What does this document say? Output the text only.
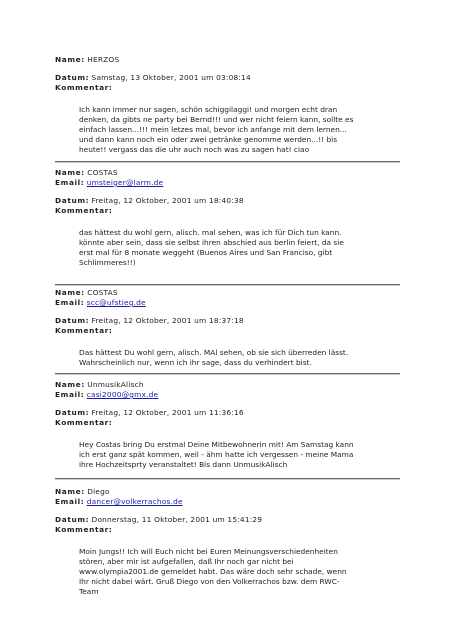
Name: HERZOS
Datum: Samstag, 13 Oktober, 2001 um 03:08:14
Kommentar:
Ich kann immer nur sagen, schön schiggilaggi! und morgen echt dran
denken, da gibts ne party bei Bernd!!! und wer nicht feiern kann, sollte es
einfach lassen...!!! mein letzes mal, bevor ich anfange mit dem lernen...
und dann kann noch ein oder zwei getränke genomme werden...!! bis
heute!! vergass das die uhr auch noch was zu sagen hat! ciao
Name: COSTAS
Email: umsteiger@larm.de
Datum: Freitag, 12 Oktober, 2001 um 18:40:38
Kommentar:
das hättest du wohl gern, alisch. mal sehen, was ich für Dich tun kann.
könnte aber sein, dass sie selbst ihren abschied aus berlin feiert, da sie
erst mal für 8 monate weggeht (Buenos Aires und San Franciso, gibt
Schlimmeres!!)
Name: COSTAS
Email: scc@ufstieg.de
Datum: Freitag, 12 Oktober, 2001 um 18:37:18
Kommentar:
Das hättest Du wohl gern, alisch. MAl sehen, ob sie sich überreden lässt.
Wahrscheinlich nur, wenn ich ihr sage, dass du verhindert bist.
Name: UnmusikAlisch
Email: casi2000@gmx.de
Datum: Freitag, 12 Oktober, 2001 um 11:36:16
Kommentar:
Hey Costas bring Du erstmal Deine Mitbewohnerin mit! Am Samstag kann
ich erst ganz spät kommen, weil - ähm hatte ich vergessen - meine Mama
ihre Hochzeitsprty veranstaltet! Bis dann UnmusikAlisch
Name: Diego
Email: dancer@volkerrachos.de
Datum: Donnerstag, 11 Oktober, 2001 um 15:41:29
Kommentar:
Moin Jungs!! Ich will Euch nicht bei Euren Meinungsverschiedenheiten
stören, aber mir ist aufgefallen, daß Ihr noch gar nicht bei
www.olympia2001.de gemeldet habt. Das wäre doch sehr schade, wenn
Ihr nicht dabei wärt. Gruß Diego von den Volkerrachos bzw. dem RWC-
Team
